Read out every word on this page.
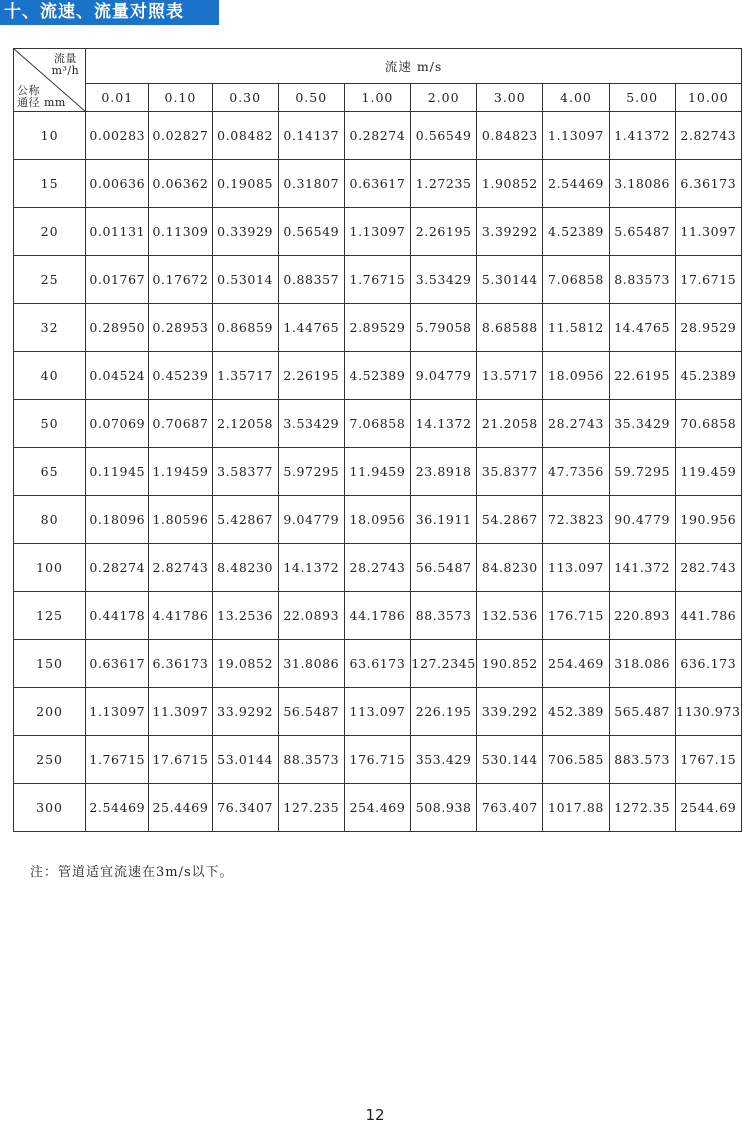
十、流速、流量对照表
流量
m³/h
公称
通径 mm	流速 m/s									
	0.01	0.10	0.30	0.50	1.00	2.00	3.00	4.00	5.00	10.00
10	0.00283	0.02827	0.08482	0.14137	0.28274	0.56549	0.84823	1.13097	1.41372	2.82743
15	0.00636	0.06362	0.19085	0.31807	0.63617	1.27235	1.90852	2.54469	3.18086	6.36173
20	0.01131	0.11309	0.33929	0.56549	1.13097	2.26195	3.39292	4.52389	5.65487	11.3097
25	0.01767	0.17672	0.53014	0.88357	1.76715	3.53429	5.30144	7.06858	8.83573	17.6715
32	0.28950	0.28953	0.86859	1.44765	2.89529	5.79058	8.68588	11.5812	14.4765	28.9529
40	0.04524	0.45239	1.35717	2.26195	4.52389	9.04779	13.5717	18.0956	22.6195	45.2389
50	0.07069	0.70687	2.12058	3.53429	7.06858	14.1372	21.2058	28.2743	35.3429	70.6858
65	0.11945	1.19459	3.58377	5.97295	11.9459	23.8918	35.8377	47.7356	59.7295	119.459
80	0.18096	1.80596	5.42867	9.04779	18.0956	36.1911	54.2867	72.3823	90.4779	190.956
100	0.28274	2.82743	8.48230	14.1372	28.2743	56.5487	84.8230	113.097	141.372	282.743
125	0.44178	4.41786	13.2536	22.0893	44.1786	88.3573	132.536	176.715	220.893	441.786
150	0.63617	6.36173	19.0852	31.8086	63.6173	127.2345	190.852	254.469	318.086	636.173
200	1.13097	11.3097	33.9292	56.5487	113.097	226.195	339.292	452.389	565.487	1130.973
250	1.76715	17.6715	53.0144	88.3573	176.715	353.429	530.144	706.585	883.573	1767.15
300	2.54469	25.4469	76.3407	127.235	254.469	508.938	763.407	1017.88	1272.35	2544.69
注：管道适宜流速在3m/s以下。
12
